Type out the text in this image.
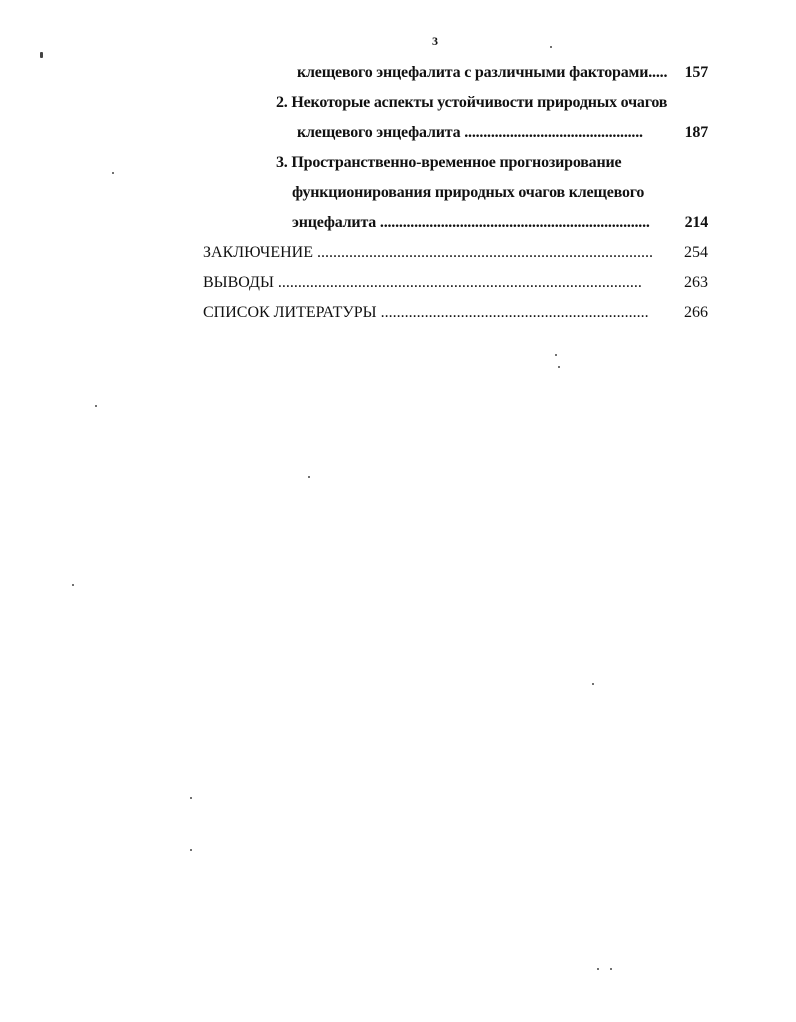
3
клещевого энцефалита с различными факторами.....	157
2. Некоторые аспекты устойчивости природных очагов
клещевого энцефалита ...............................................	187
3. Пространственно-временное прогнозирование
функционирования природных очагов клещевого
энцефалита .......................................................................	214
ЗАКЛЮЧЕНИЕ ....................................................................................	254
ВЫВОДЫ ...........................................................................................	263
СПИСОК ЛИТЕРАТУРЫ ...................................................................	266
